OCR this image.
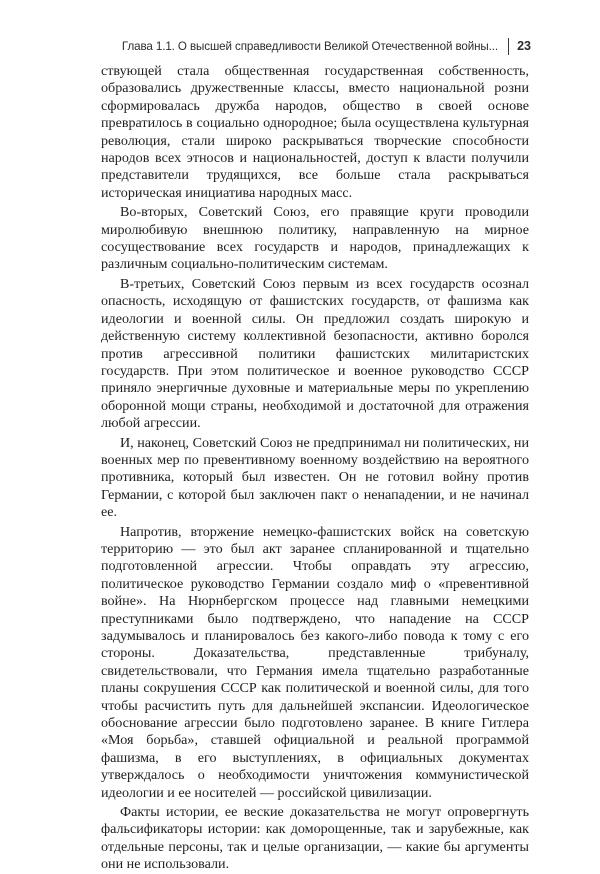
Глава 1.1. О высшей справедливости Великой Отечественной войны... 23

ствующей стала общественная государственная собственность, образовались дружественные классы, вместо национальной розни сформировалась дружба народов, общество в своей основе превратилось в социально однородное; была осуществлена культурная революция, стали широко раскрываться творческие способности народов всех этносов и национальностей, доступ к власти получили представители трудящихся, все больше стала раскрываться историческая инициатива народных масс.

Во-вторых, Советский Союз, его правящие круги проводили миролюбивую внешнюю политику, направленную на мирное сосуществование всех государств и народов, принадлежащих к различным социально-политическим системам.

В-третьих, Советский Союз первым из всех государств осознал опасность, исходящую от фашистских государств, от фашизма как идеологии и военной силы. Он предложил создать широкую и действенную систему коллективной безопасности, активно боролся против агрессивной политики фашистских милитаристских государств. При этом политическое и военное руководство СССР приняло энергичные духовные и материальные меры по укреплению оборонной мощи страны, необходимой и достаточной для отражения любой агрессии.

И, наконец, Советский Союз не предпринимал ни политических, ни военных мер по превентивному военному воздействию на вероятного противника, который был известен. Он не готовил войну против Германии, с которой был заключен пакт о ненападении, и не начинал ее.

Напротив, вторжение немецко-фашистских войск на советскую территорию — это был акт заранее спланированной и тщательно подготовленной агрессии. Чтобы оправдать эту агрессию, политическое руководство Германии создало миф о «превентивной войне». На Нюрнбергском процессе над главными немецкими преступниками было подтверждено, что нападение на СССР задумывалось и планировалось без какого-либо повода к тому с его стороны. Доказательства, представленные трибуналу, свидетельствовали, что Германия имела тщательно разработанные планы сокрушения СССР как политической и военной силы, для того чтобы расчистить путь для дальнейшей экспансии. Идеологическое обоснование агрессии было подготовлено заранее. В книге Гитлера «Моя борьба», ставшей официальной и реальной программой фашизма, в его выступлениях, в официальных документах утверждалось о необходимости уничтожения коммунистической идеологии и ее носителей — российской цивилизации.

Факты истории, ее веские доказательства не могут опровергнуть фальсификаторы истории: как доморощенные, так и зарубежные, как отдельные персоны, так и целые организации, — какие бы аргументы они не использовали.
